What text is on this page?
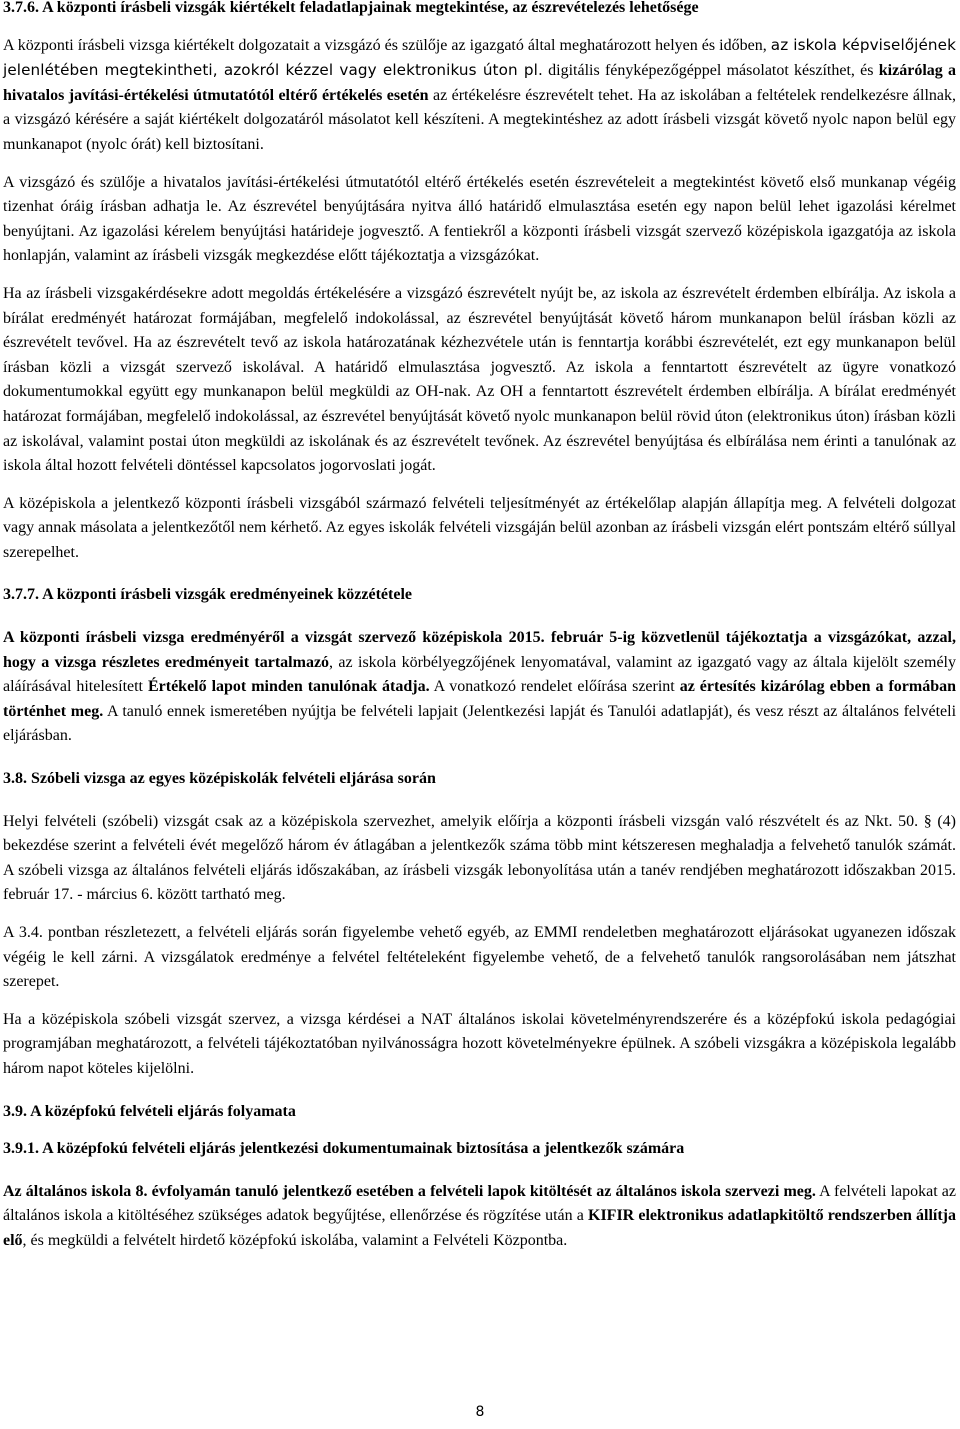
3.7.6. A központi írásbeli vizsgák kiértékelt feladatlapjainak megtekintése, az észrevételezés lehetősége

A központi írásbeli vizsga kiértékelt dolgozatait a vizsgázó és szülője az igazgató által meghatározott helyen és időben, az iskola képviselőjének jelenlétében megtekintheti, azokról kézzel vagy elektronikus úton pl. digitális fényképezőgéppel másolatot készíthet, és kizárólag a hivatalos javítási-értékelési útmutatótól eltérő értékelés esetén az értékelésre észrevételt tehet. Ha az iskolában a feltételek rendelkezésre állnak, a vizsgázó kérésére a saját kiértékelt dolgozatáról másolatot kell készíteni. A megtekintéshez az adott írásbeli vizsgát követő nyolc napon belül egy munkanapot (nyolc órát) kell biztosítani.

A vizsgázó és szülője a hivatalos javítási-értékelési útmutatótól eltérő értékelés esetén észrevételeit a megtekintést követő első munkanap végéig tizenhat óráig írásban adhatja le. Az észrevétel benyújtására nyitva álló határidő elmulasztása esetén egy napon belül lehet igazolási kérelmet benyújtani. Az igazolási kérelem benyújtási határideje jogvesztő. A fentiekről a központi írásbeli vizsgát szervező középiskola igazgatója az iskola honlapján, valamint az írásbeli vizsgák megkezdése előtt tájékoztatja a vizsgázókat.

Ha az írásbeli vizsgakérdésekre adott megoldás értékelésére a vizsgázó észrevételt nyújt be, az iskola az észrevételt érdemben elbírálja. Az iskola a bírálat eredményét határozat formájában, megfelelő indokolással, az észrevétel benyújtását követő három munkanapon belül írásban közli az észrevételt tevővel. Ha az észrevételt tevő az iskola határozatának kézhezvétele után is fenntartja korábbi észrevételét, ezt egy munkanapon belül írásban közli a vizsgát szervező iskolával. A határidő elmulasztása jogvesztő. Az iskola a fenntartott észrevételt az ügyre vonatkozó dokumentumokkal együtt egy munkanapon belül megküldi az OH-nak. Az OH a fenntartott észrevételt érdemben elbírálja. A bírálat eredményét határozat formájában, megfelelő indokolással, az észrevétel benyújtását követő nyolc munkanapon belül rövid úton (elektronikus úton) írásban közli az iskolával, valamint postai úton megküldi az iskolának és az észrevételt tevőnek. Az észrevétel benyújtása és elbírálása nem érinti a tanulónak az iskola által hozott felvételi döntéssel kapcsolatos jogorvoslati jogát.

A középiskola a jelentkező központi írásbeli vizsgából származó felvételi teljesítményét az értékelőlap alapján állapítja meg. A felvételi dolgozat vagy annak másolata a jelentkezőtől nem kérhető. Az egyes iskolák felvételi vizsgáján belül azonban az írásbeli vizsgán elért pontszám eltérő súllyal szerepelhet.

3.7.7. A központi írásbeli vizsgák eredményeinek közzététele

A központi írásbeli vizsga eredményéről a vizsgát szervező középiskola 2015. február 5-ig közvetlenül tájékoztatja a vizsgázókat, azzal, hogy a vizsga részletes eredményeit tartalmazó, az iskola körbélyegzőjének lenyomatával, valamint az igazgató vagy az általa kijelölt személy aláírásával hitelesített Értékelő lapot minden tanulónak átadja. A vonatkozó rendelet előírása szerint az értesítés kizárólag ebben a formában történhet meg. A tanuló ennek ismeretében nyújtja be felvételi lapjait (Jelentkezési lapját és Tanulói adatlapját), és vesz részt az általános felvételi eljárásban.

3.8. Szóbeli vizsga az egyes középiskolák felvételi eljárása során

Helyi felvételi (szóbeli) vizsgát csak az a középiskola szervezhet, amelyik előírja a központi írásbeli vizsgán való részvételt és az Nkt. 50. § (4) bekezdése szerint a felvételi évét megelőző három év átlagában a jelentkezők száma több mint kétszeresen meghaladja a felvehető tanulók számát. A szóbeli vizsga az általános felvételi eljárás időszakában, az írásbeli vizsgák lebonyolítása után a tanév rendjében meghatározott időszakban 2015. február 17. - március 6. között tartható meg.

A 3.4. pontban részletezett, a felvételi eljárás során figyelembe vehető egyéb, az EMMI rendeletben meghatározott eljárásokat ugyanezen időszak végéig le kell zárni. A vizsgálatok eredménye a felvétel feltételeként figyelembe vehető, de a felvehető tanulók rangsorolásában nem játszhat szerepet.

Ha a középiskola szóbeli vizsgát szervez, a vizsga kérdései a NAT általános iskolai követelményrendszerére és a középfokú iskola pedagógiai programjában meghatározott, a felvételi tájékoztatóban nyilvánosságra hozott követelményekre épülnek. A szóbeli vizsgákra a középiskola legalább három napot köteles kijelölni.

3.9. A középfokú felvételi eljárás folyamata

3.9.1. A középfokú felvételi eljárás jelentkezési dokumentumainak biztosítása a jelentkezők számára

Az általános iskola 8. évfolyamán tanuló jelentkező esetében a felvételi lapok kitöltését az általános iskola szervezi meg. A felvételi lapokat az általános iskola a kitöltéséhez szükséges adatok begyűjtése, ellenőrzése és rögzítése után a KIFIR elektronikus adatlapkitöltő rendszerben állítja elő, és megküldi a felvételt hirdető középfokú iskolába, valamint a Felvételi Központba.

8
